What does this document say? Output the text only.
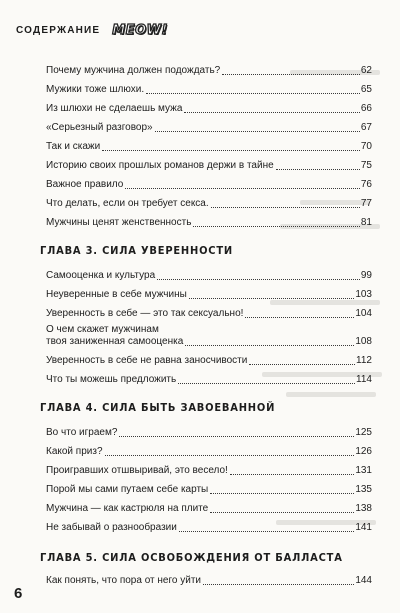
СОДЕРЖАНИЕ MEOW!
Почему мужчина должен подождать?	62
Мужики тоже шлюхи.	65
Из шлюхи не сделаешь мужа	66
«Серьезный разговор»	67
Так и скажи	70
Историю своих прошлых романов держи в тайне	75
Важное правило	76
Что делать, если он требует секса.	77
Мужчины ценят женственность	81
ГЛАВА 3. СИЛА УВЕРЕННОСТИ
Самооценка и культура	99
Неуверенные в себе мужчины	103
Уверенность в себе — это так сексуально!	104
О чем скажет мужчинам
твоя заниженная самооценка	108
Уверенность в себе не равна заносчивости	112
Что ты можешь предложить	114
ГЛАВА 4. СИЛА БЫТЬ ЗАВОЕВАННОЙ
Во что играем?	125
Какой приз?	126
Проигравших отшвыривай, это весело!	131
Порой мы сами путаем себе карты	135
Мужчина — как кастрюля на плите	138
Не забывай о разнообразии	141
ГЛАВА 5. СИЛА ОСВОБОЖДЕНИЯ ОТ БАЛЛАСТА
Как понять, что пора от него уйти	144
6
